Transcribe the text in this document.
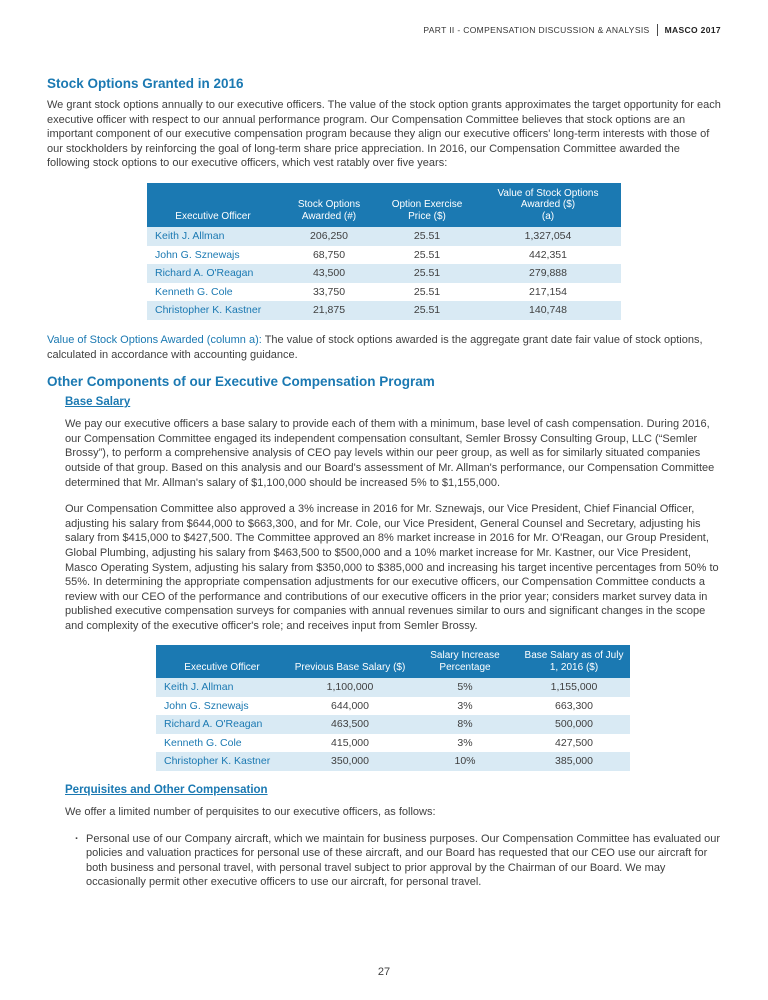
PART II - COMPENSATION DISCUSSION & ANALYSIS MASCO 2017
Stock Options Granted in 2016

We grant stock options annually to our executive officers. The value of the stock option grants approximates the target opportunity for each executive officer with respect to our annual performance program. Our Compensation Committee believes that stock options are an important component of our executive compensation program because they align our executive officers' long-term interests with those of our stockholders by reinforcing the goal of long-term share price appreciation. In 2016, our Compensation Committee awarded the following stock options to our executive officers, which vest ratably over five years:

Executive Officer	Stock Options Awarded (#)	Option Exercise Price ($)	Value of Stock Options Awarded ($)
(a)

Keith J. Allman	206,250	25.51	1,327,054
John G. Sznewajs	68,750	25.51	442,351
Richard A. O'Reagan	43,500	25.51	279,888
Kenneth G. Cole	33,750	25.51	217,154
Christopher K. Kastner	21,875	25.51	140,748

Value of Stock Options Awarded (column a): The value of stock options awarded is the aggregate grant date fair value of stock options, calculated in accordance with accounting guidance.

Other Components of our Executive Compensation Program
Base Salary

We pay our executive officers a base salary to provide each of them with a minimum, base level of cash compensation. During 2016, our Compensation Committee engaged its independent compensation consultant, Semler Brossy Consulting Group, LLC (“Semler Brossy”), to perform a comprehensive analysis of CEO pay levels within our peer group, as well as for similarly situated companies outside of that group. Based on this analysis and our Board's assessment of Mr. Allman's performance, our Compensation Committee determined that Mr. Allman's salary of $1,100,000 should be increased 5% to $1,155,000.

Our Compensation Committee also approved a 3% increase in 2016 for Mr. Sznewajs, our Vice President, Chief Financial Officer, adjusting his salary from $644,000 to $663,300, and for Mr. Cole, our Vice President, General Counsel and Secretary, adjusting his salary from $415,000 to $427,500. The Committee approved an 8% market increase in 2016 for Mr. O'Reagan, our Group President, Global Plumbing, adjusting his salary from $463,500 to $500,000 and a 10% market increase for Mr. Kastner, our Vice President, Masco Operating System, adjusting his salary from $350,000 to $385,000 and increasing his target incentive percentages from 50% to 55%. In determining the appropriate compensation adjustments for our executive officers, our Compensation Committee conducts a review with our CEO of the performance and contributions of our executive officers in the prior year; considers market survey data in published executive compensation surveys for companies with annual revenues similar to ours and significant changes in the scope and complexity of the executive officer's role; and receives input from Semler Brossy.

Executive Officer	Previous Base Salary ($)	Salary Increase Percentage	Base Salary as of July 1, 2016 ($)
Keith J. Allman	1,100,000	5%	1,155,000
John G. Sznewajs	644,000	3%	663,300
Richard A. O'Reagan	463,500	8%	500,000
Kenneth G. Cole	415,000	3%	427,500
Christopher K. Kastner	350,000	10%	385,000
Perquisites and Other Compensation

We offer a limited number of perquisites to our executive officers, as follows:

· Personal use of our Company aircraft, which we maintain for business purposes. Our Compensation Committee has evaluated our policies and valuation practices for personal use of these aircraft, and our Board has requested that our CEO use our aircraft for both business and personal travel, with personal travel subject to prior approval by the Chairman of our Board. We may occasionally permit other executive officers to use our aircraft, for personal travel.
27
